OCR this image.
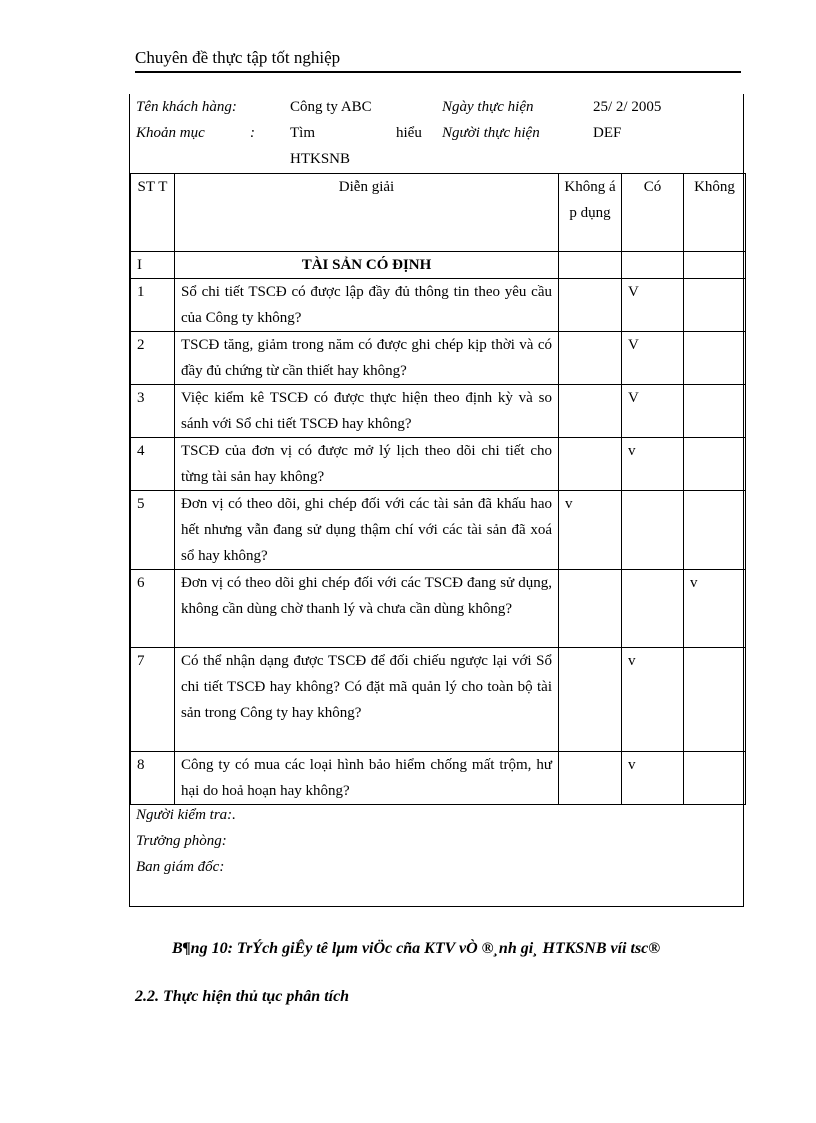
Chuyên đề thực tập tốt nghiệp
Tên khách hàng:	Công ty ABC	Ngày thực hiện	25/ 2/ 2005
Khoản mục	: Tìm	hiểu
HTKSNB
Người thực hiện	DEF
ST T	Diễn giải	Không áp dụng	Có	Không
I	TÀI SẢN CÓ ĐỊNH			
1	Sổ chi tiết TSCĐ có được lập đầy đủ thông tin theo yêu cầu của Công ty không?		V	
2	TSCĐ tăng, giảm trong năm có được ghi chép kịp thời và có đầy đủ chứng từ cần thiết hay không?		V	
3	Việc kiểm kê TSCĐ có được thực hiện theo định kỳ và so sánh với Sổ chi tiết TSCĐ hay không?		V	
4	TSCĐ của đơn vị có được mở lý lịch theo dõi chi tiết cho từng tài sản hay không?		v	
5	Đơn vị có theo dõi, ghi chép đối với các tài sản đã khấu hao hết nhưng vẫn đang sử dụng thậm chí với các tài sản đã xoá sổ hay không?	v		
6	Đơn vị có theo dõi ghi chép đối với các TSCĐ đang sử dụng, không cần dùng chờ thanh lý và chưa cần dùng không?			v
7	Có thể nhận dạng được TSCĐ để đối chiếu ngược lại với Sổ chi tiết TSCĐ hay không? Có đặt mã quản lý cho toàn bộ tài sản trong Công ty hay không?		v	
8	Công ty có mua các loại hình bảo hiểm chống mất trộm, hư hại do hoả hoạn hay không?		v	
Người kiểm tra:.
Trưởng phòng:
Ban giám đốc:
B¶ng 10: TrÝch giÊy tê lµm viÖc cña KTV vÒ ®¸nh gi¸ HTKSNB víi tsc®
2.2. Thực hiện thủ tục phân tích
